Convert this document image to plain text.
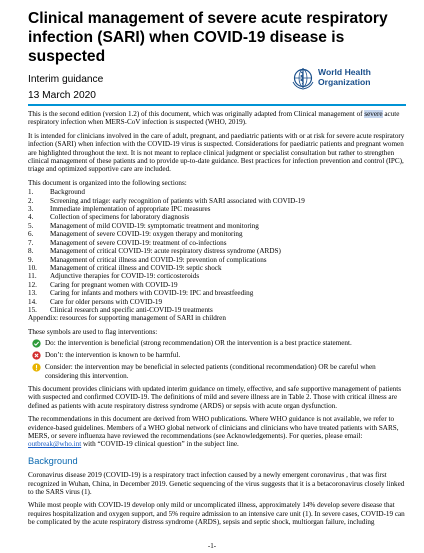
Clinical management of severe acute respiratory infection (SARI) when COVID-19 disease is suspected
Interim guidance
13 March 2020
World Health
Organization

This is the second edition (version 1.2) of this document, which was originally adapted from Clinical management of severe acute respiratory infection when MERS-CoV infection is suspected (WHO, 2019).

It is intended for clinicians involved in the care of adult, pregnant, and paediatric patients with or at risk for severe acute respiratory infection (SARI) when infection with the COVID-19 virus is suspected. Considerations for paediatric patients and pregnant women are highlighted throughout the text. It is not meant to replace clinical judgment or specialist consultation but rather to strengthen clinical management of these patients and to provide up-to-date guidance. Best practices for infection prevention and control (IPC), triage and optimized supportive care are included.

This document is organized into the following sections:

1.	Background
2.	Screening and triage: early recognition of patients with SARI associated with COVID-19
3.	Immediate implementation of appropriate IPC measures
4.	Collection of specimens for laboratory diagnosis
5.	Management of mild COVID-19: symptomatic treatment and monitoring
6.	Management of severe COVID-19: oxygen therapy and monitoring
7.	Management of severe COVID-19: treatment of co-infections
8.	Management of critical COVID-19: acute respiratory distress syndrome (ARDS)
9.	Management of critical illness and COVID-19: prevention of complications
10.	Management of critical illness and COVID-19: septic shock
11.	Adjunctive therapies for COVID-19: corticosteroids
12.	Caring for pregnant women with COVID-19
13.	Caring for infants and mothers with COVID-19: IPC and breastfeeding
14.	Care for older persons with COVID-19
15.	Clinical research and specific anti-COVID-19 treatments
Appendix: resources for supporting management of SARI in children

These symbols are used to flag interventions:

Do: the intervention is beneficial (strong recommendation) OR the intervention is a best practice statement.
Don’t: the intervention is known to be harmful.
Consider: the intervention may be beneficial in selected patients (conditional recommendation) OR be careful when considering this intervention.

This document provides clinicians with updated interim guidance on timely, effective, and safe supportive management of patients with suspected and confirmed COVID-19. The definitions of mild and severe illness are in Table 2. Those with critical illness are defined as patients with acute respiratory distress syndrome (ARDS) or sepsis with acute organ dysfunction.

The recommendations in this document are derived from WHO publications. Where WHO guidance is not available, we refer to evidence-based guidelines. Members of a WHO global network of clinicians and clinicians who have treated patients with SARS, MERS, or severe influenza have reviewed the recommendations (see Acknowledgements). For queries, please email: outbreak@who.int with “COVID-19 clinical question” in the subject line.

Background

Coronavirus disease 2019 (COVID-19) is a respiratory tract infection caused by a newly emergent coronavirus , that was first recognized in Wuhan, China, in December 2019. Genetic sequencing of the virus suggests that it is a betacoronavirus closely linked to the SARS virus (1).

While most people with COVID-19 develop only mild or uncomplicated illness, approximately 14% develop severe disease that requires hospitalization and oxygen support, and 5% require admission to an intensive care unit (1). In severe cases, COVID-19 can be complicated by the acute respiratory distress syndrome (ARDS), sepsis and septic shock, multiorgan failure, including

-1-
